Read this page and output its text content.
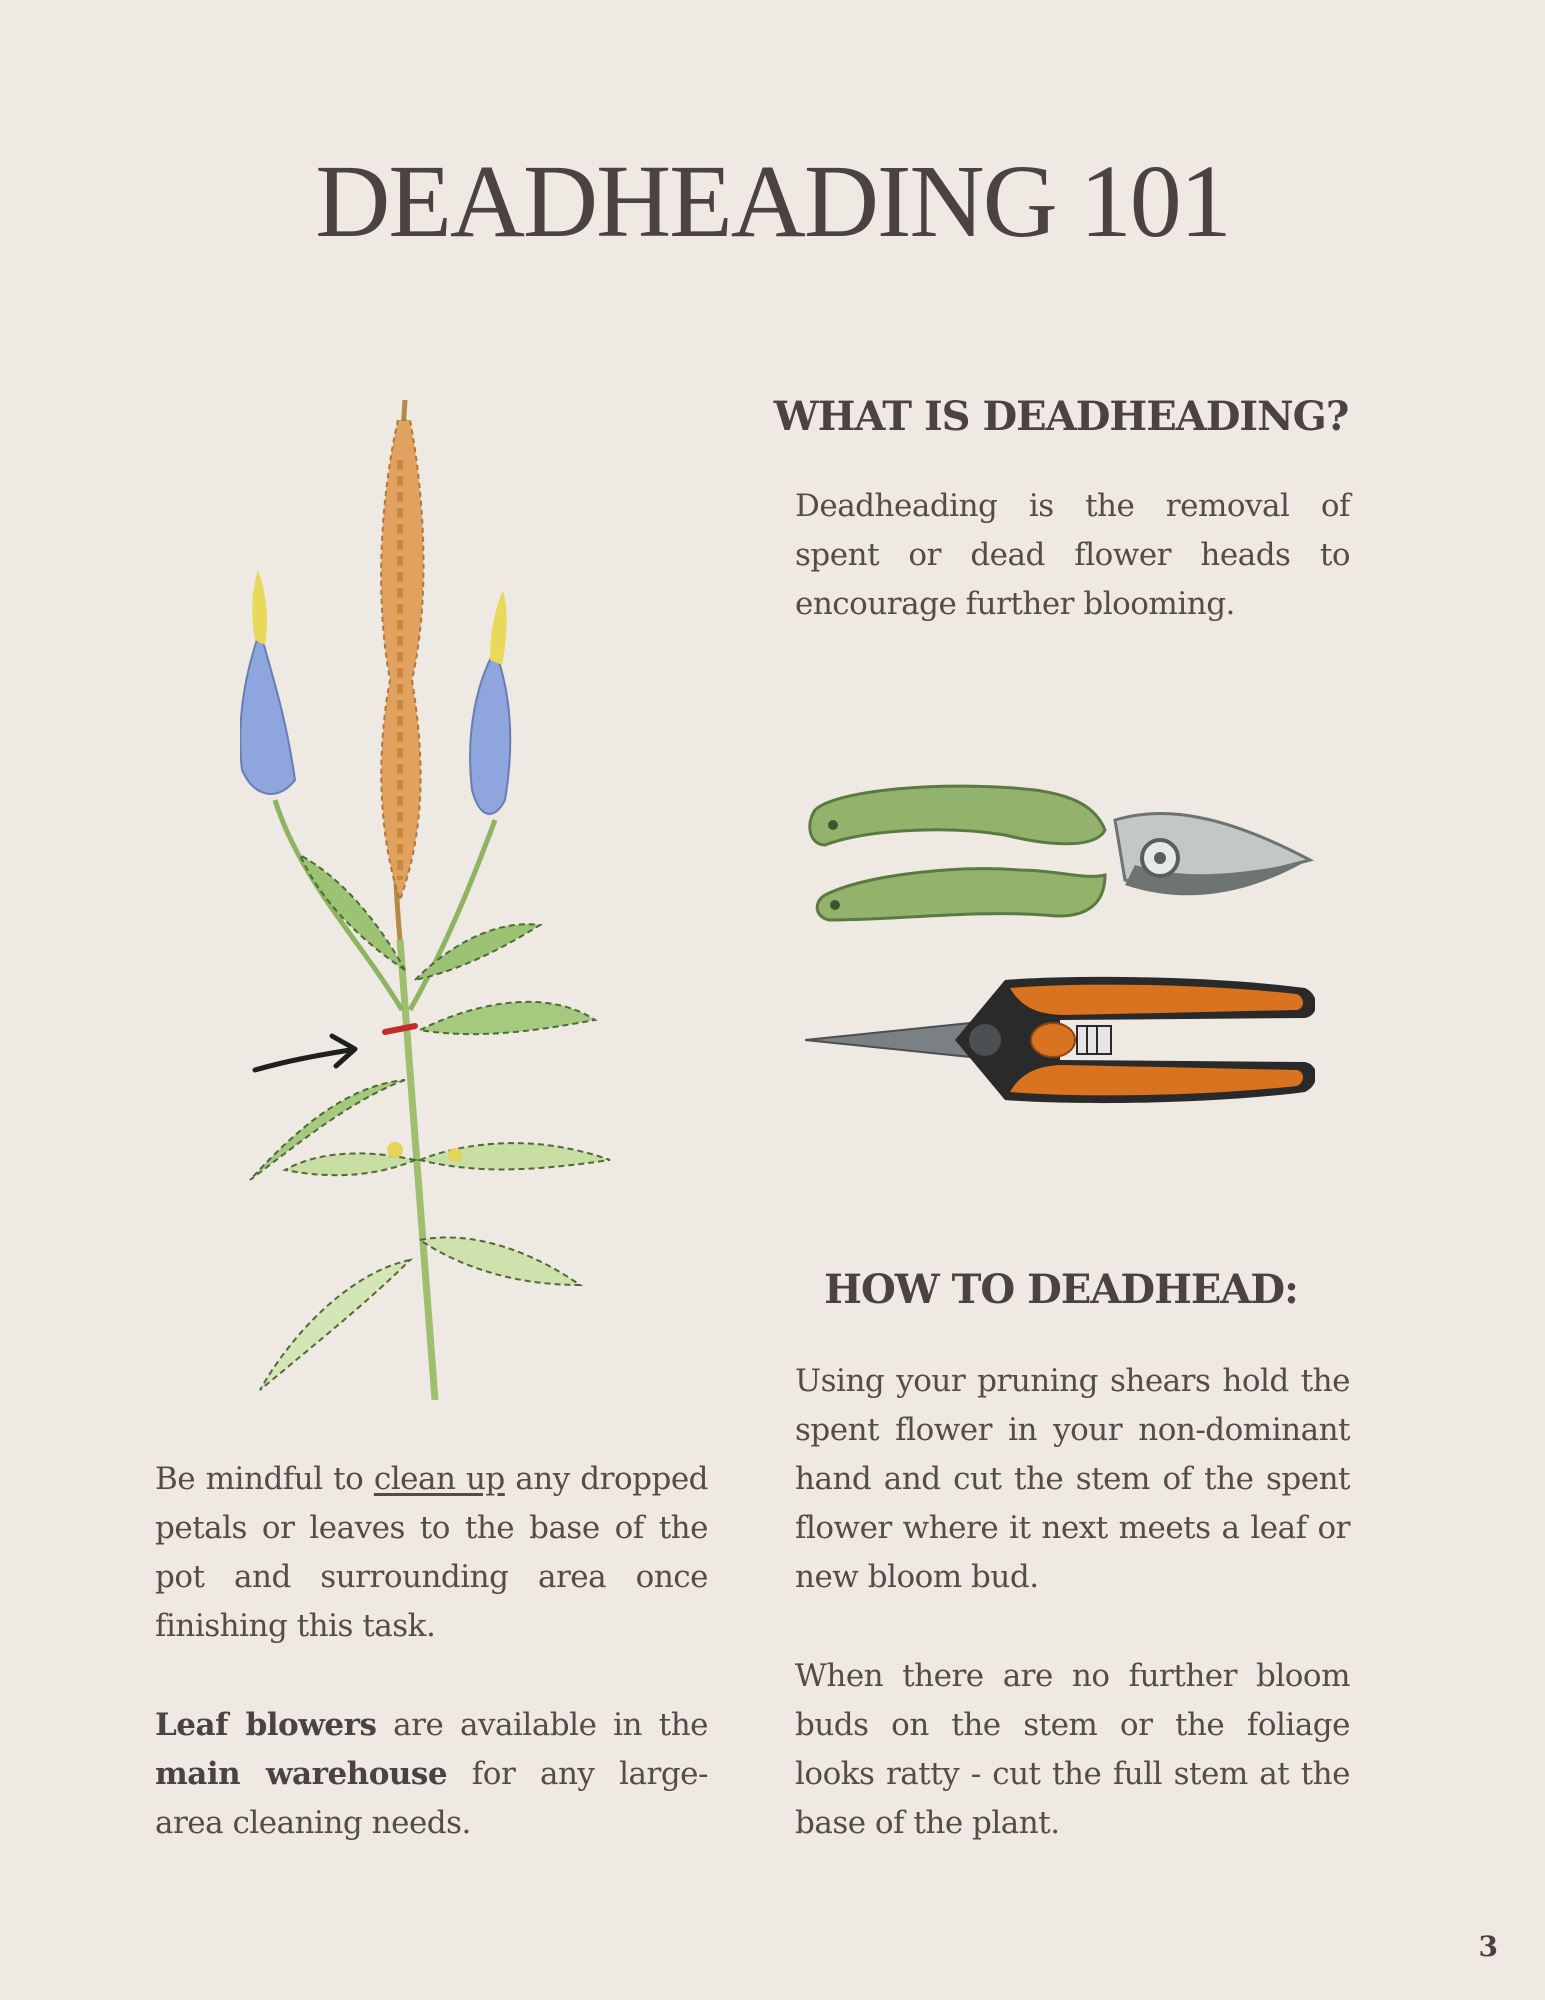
DEADHEADING 101
WHAT IS DEADHEADING?

Deadheading is the removal of spent or dead flower heads to encourage further blooming.

HOW TO DEADHEAD:

Using your pruning shears hold the spent flower in your non-dominant hand and cut the stem of the spent flower where it next meets a leaf or new bloom bud.

When there are no further bloom buds on the stem or the foliage looks ratty - cut the full stem at the base of the plant.

Be mindful to clean up any dropped petals or leaves to the base of the pot and surrounding area once finishing this task.

Leaf blowers are available in the main warehouse for any large-area cleaning needs.

3
